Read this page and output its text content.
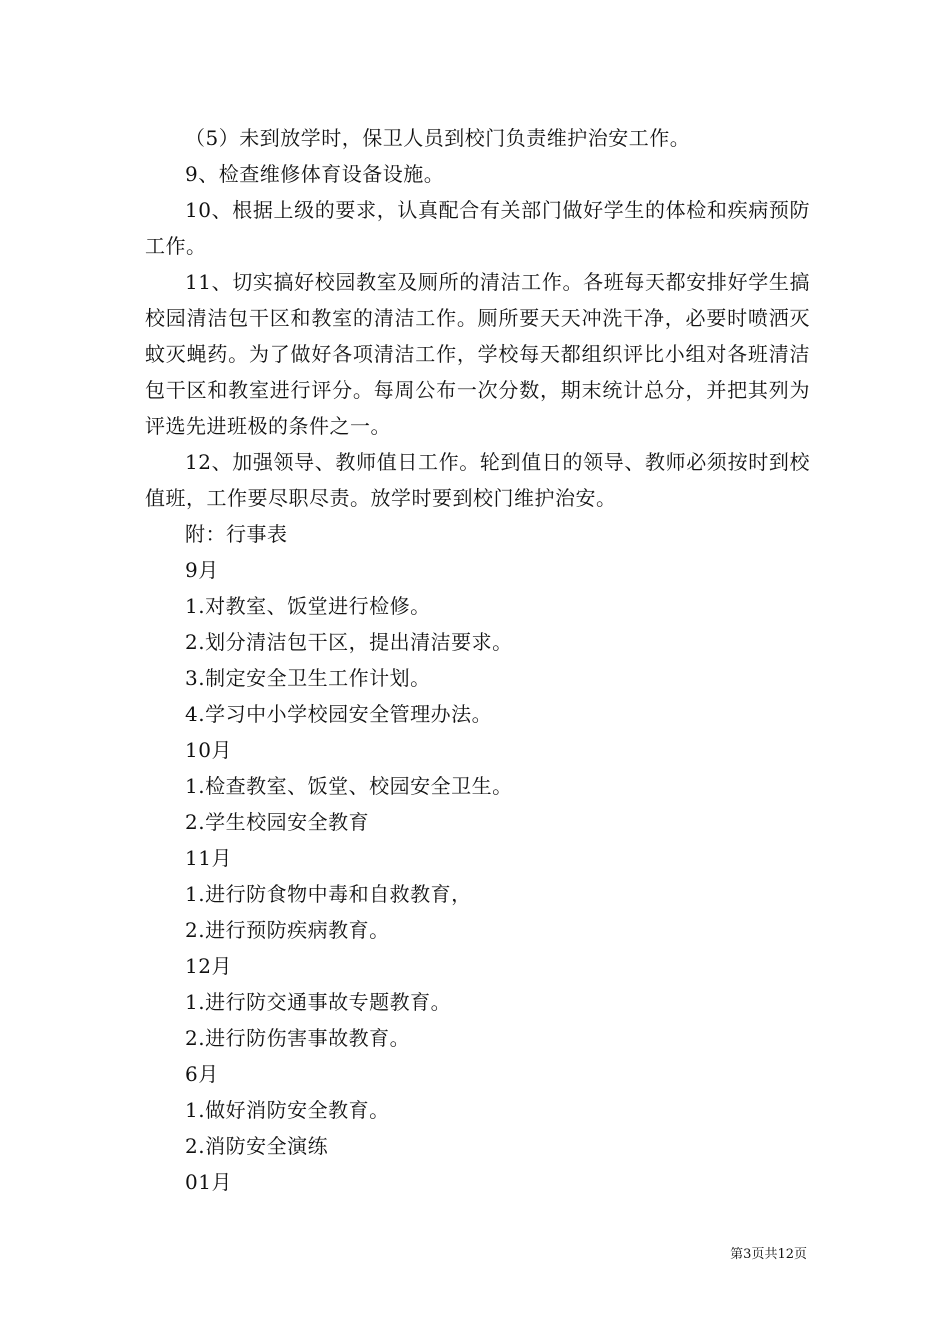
（5）未到放学时，保卫人员到校门负责维护治安工作。

9、检查维修体育设备设施。

10、根据上级的要求，认真配合有关部门做好学生的体检和疾病预防工作。

11、切实搞好校园教室及厕所的清洁工作。各班每天都安排好学生搞校园清洁包干区和教室的清洁工作。厕所要天天冲洗干净，必要时喷洒灭蚊灭蝇药。为了做好各项清洁工作，学校每天都组织评比小组对各班清洁包干区和教室进行评分。每周公布一次分数，期末统计总分，并把其列为评选先进班极的条件之一。

12、加强领导、教师值日工作。轮到值日的领导、教师必须按时到校值班，工作要尽职尽责。放学时要到校门维护治安。

附：行事表

9月

1.对教室、饭堂进行检修。

2.划分清洁包干区，提出清洁要求。

3.制定安全卫生工作计划。

4.学习中小学校园安全管理办法。

10月

1.检查教室、饭堂、校园安全卫生。

2.学生校园安全教育

11月

1.进行防食物中毒和自救教育，

2.进行预防疾病教育。

12月

1.进行防交通事故专题教育。

2.进行防伤害事故教育。

6月

1.做好消防安全教育。

2.消防安全演练

01月

第3页共12页
